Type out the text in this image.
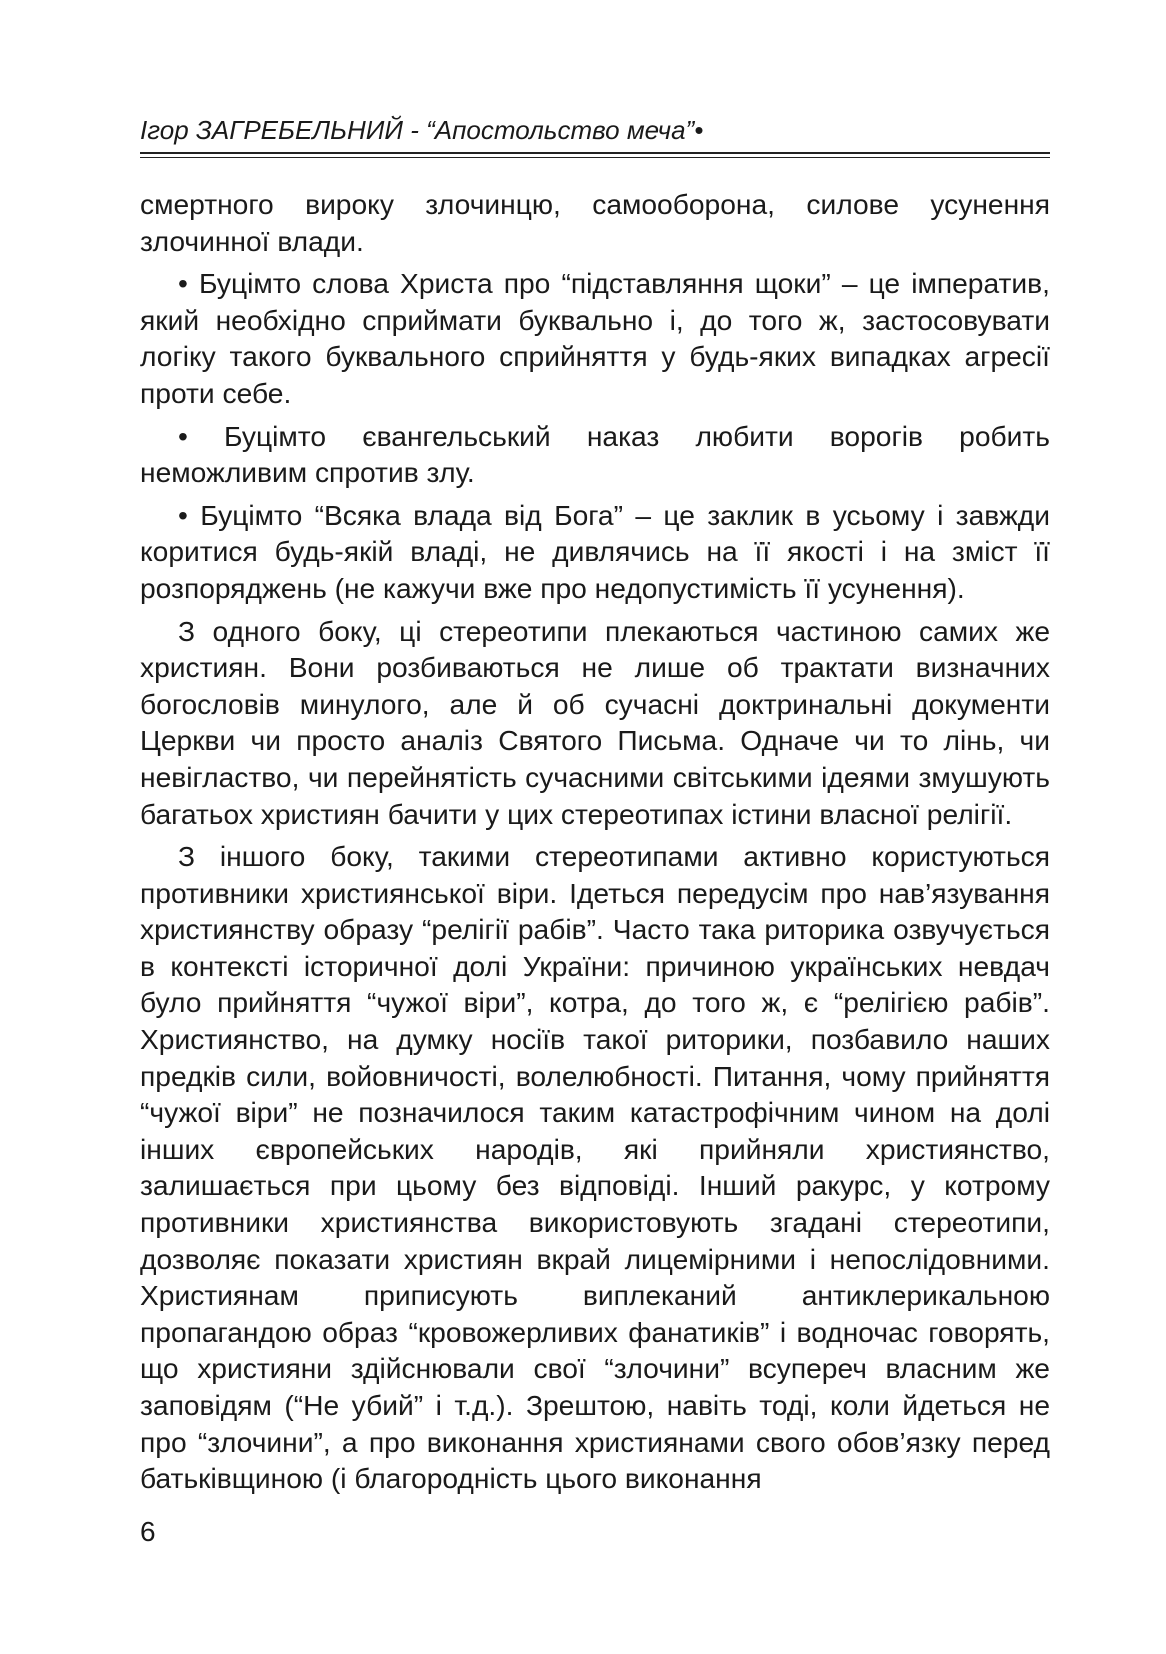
Ігор ЗАГРЕБЕЛЬНИЙ - “Апостольство меча”•

смертного вироку злочинцю, самооборона, силове усунення злочинної влади.

• Буцімто слова Христа про “підставляння щоки” – це імператив, який необхідно сприймати буквально і, до того ж, застосовувати логіку такого буквального сприйняття у будь-яких випадках агресії проти себе.

• Буцімто євангельський наказ любити ворогів робить неможливим спротив злу.

• Буцімто “Всяка влада від Бога” – це заклик в усьому і завжди коритися будь-якій владі, не дивлячись на її якості і на зміст її розпоряджень (не кажучи вже про недопустимість її усунення).

З одного боку, ці стереотипи плекаються частиною самих же християн. Вони розбиваються не лише об трактати визначних богословів минулого, але й об сучасні доктринальні документи Церкви чи просто аналіз Святого Письма. Одначе чи то лінь, чи невігластво, чи перейнятість сучасними світськими ідеями змушують багатьох християн бачити у цих стереотипах істини власної релігії.

З іншого боку, такими стереотипами активно користуються противники християнської віри. Ідеться передусім про нав’язування християнству образу “релігії рабів”. Часто така риторика озвучується в контексті історичної долі України: причиною українських невдач було прийняття “чужої віри”, котра, до того ж, є “релігією рабів”. Християнство, на думку носіїв такої риторики, позбавило наших предків сили, войовничості, волелюбності. Питання, чому прийняття “чужої віри” не позначилося таким катастрофічним чином на долі інших європейських народів, які прийняли християнство, залишається при цьому без відповіді. Інший ракурс, у котрому противники християнства використовують згадані стереотипи, дозволяє показати християн вкрай лицемірними і непослідовними. Християнам приписують виплеканий антиклерикальною пропагандою образ “кровожерливих фанатиків” і водночас говорять, що християни здійснювали свої “злочини” всупереч власним же заповідям (“Не убий” і т.д.). Зрештою, навіть тоді, коли йдеться не про “злочини”, а про виконання християнами свого обов’язку перед батьківщиною (і благородність цього виконання

6
